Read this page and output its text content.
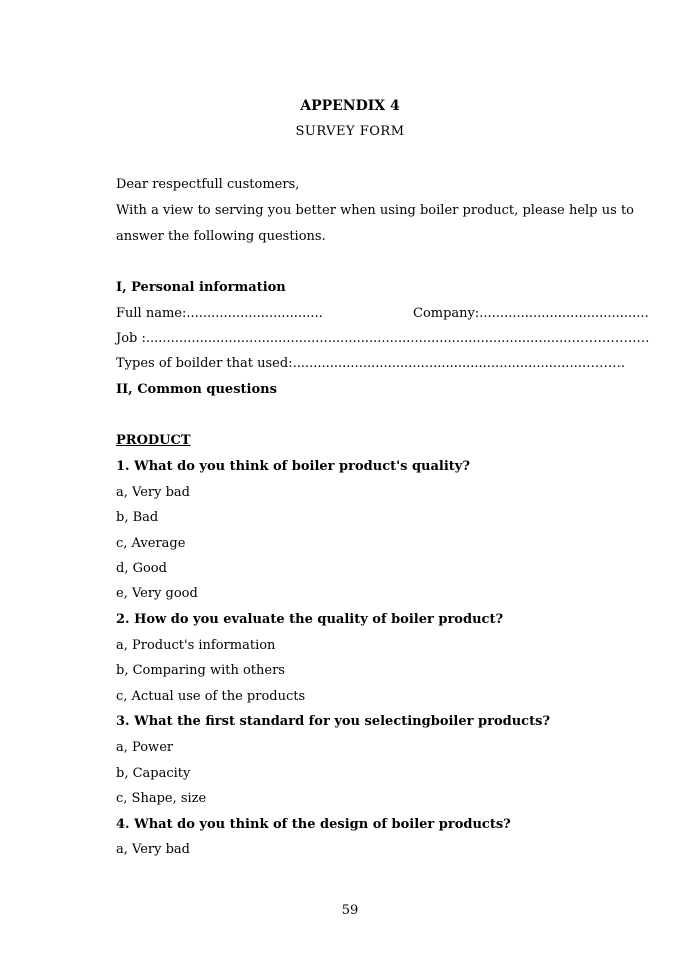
APPENDIX 4
SURVEY FORM
Dear respectfull customers,
With a view to serving you better when using boiler product, please help us to
answer the following questions.
I, Personal information
Full name:.................................	Company:.........................................
Job :.......................................................................................................………………
Types of boilder that used:......................................................................……….
II, Common questions
PRODUCT
1. What do you think of boiler product's quality?
a, Very bad
b, Bad
c, Average
d, Good
e, Very good
2. How do you evaluate the quality of boiler product?
a, Product's information
b, Comparing with others
c, Actual use of the products
3. What the first standard for you selectingboiler products?
a, Power
b, Capacity
c, Shape, size
4. What do you think of the design of boiler products?
a, Very bad
59
